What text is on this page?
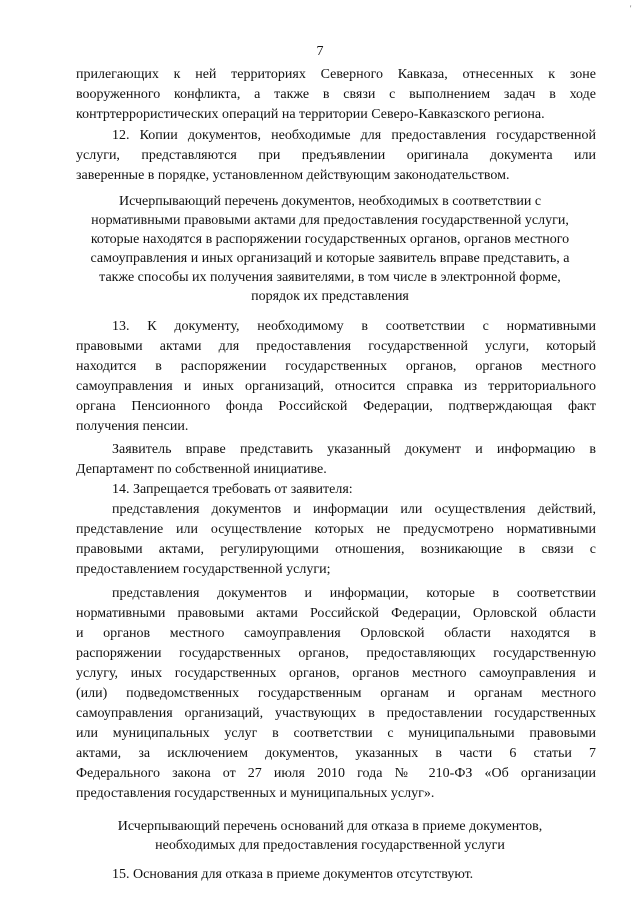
'
7
прилегающих к ней территориях Северного Кавказа, отнесенных к зоне
вооруженного конфликта, а также в связи с выполнением задач в ходе
контртеррористических операций на территории Северо-Кавказского региона.
12. Копии документов, необходимые для предоставления государственной
услуги, представляются при предъявлении оригинала документа или
заверенные в порядке, установленном действующим законодательством.
Исчерпывающий перечень документов, необходимых в соответствии с
нормативными правовыми актами для предоставления государственной услуги,
которые находятся в распоряжении государственных органов, органов местного
самоуправления и иных организаций и которые заявитель вправе представить, а
также способы их получения заявителями, в том числе в электронной форме,
порядок их представления
13. К документу, необходимому в соответствии с нормативными
правовыми актами для предоставления государственной услуги, который
находится в распоряжении государственных органов, органов местного
самоуправления и иных организаций, относится справка из территориального
органа Пенсионного фонда Российской Федерации, подтверждающая факт
получения пенсии.
Заявитель вправе представить указанный документ и информацию в
Департамент по собственной инициативе.
14. Запрещается требовать от заявителя:
представления документов и информации или осуществления действий,
представление или осуществление которых не предусмотрено нормативными
правовыми актами, регулирующими отношения, возникающие в связи с
предоставлением государственной услуги;
представления документов и информации, которые в соответствии
нормативными правовыми актами Российской Федерации, Орловской области
и органов местного самоуправления Орловской области находятся в
распоряжении государственных органов, предоставляющих государственную
услугу, иных государственных органов, органов местного самоуправления и
(или) подведомственных государственным органам и органам местного
самоуправления организаций, участвующих в предоставлении государственных
или муниципальных услуг в соответствии с муниципальными правовыми
актами, за исключением документов, указанных в части 6 статьи 7
Федерального закона от 27 июля 2010 года № 210-ФЗ «Об организации
предоставления государственных и муниципальных услуг».
Исчерпывающий перечень оснований для отказа в приеме документов,
необходимых для предоставления государственной услуги
15. Основания для отказа в приеме документов отсутствуют.
